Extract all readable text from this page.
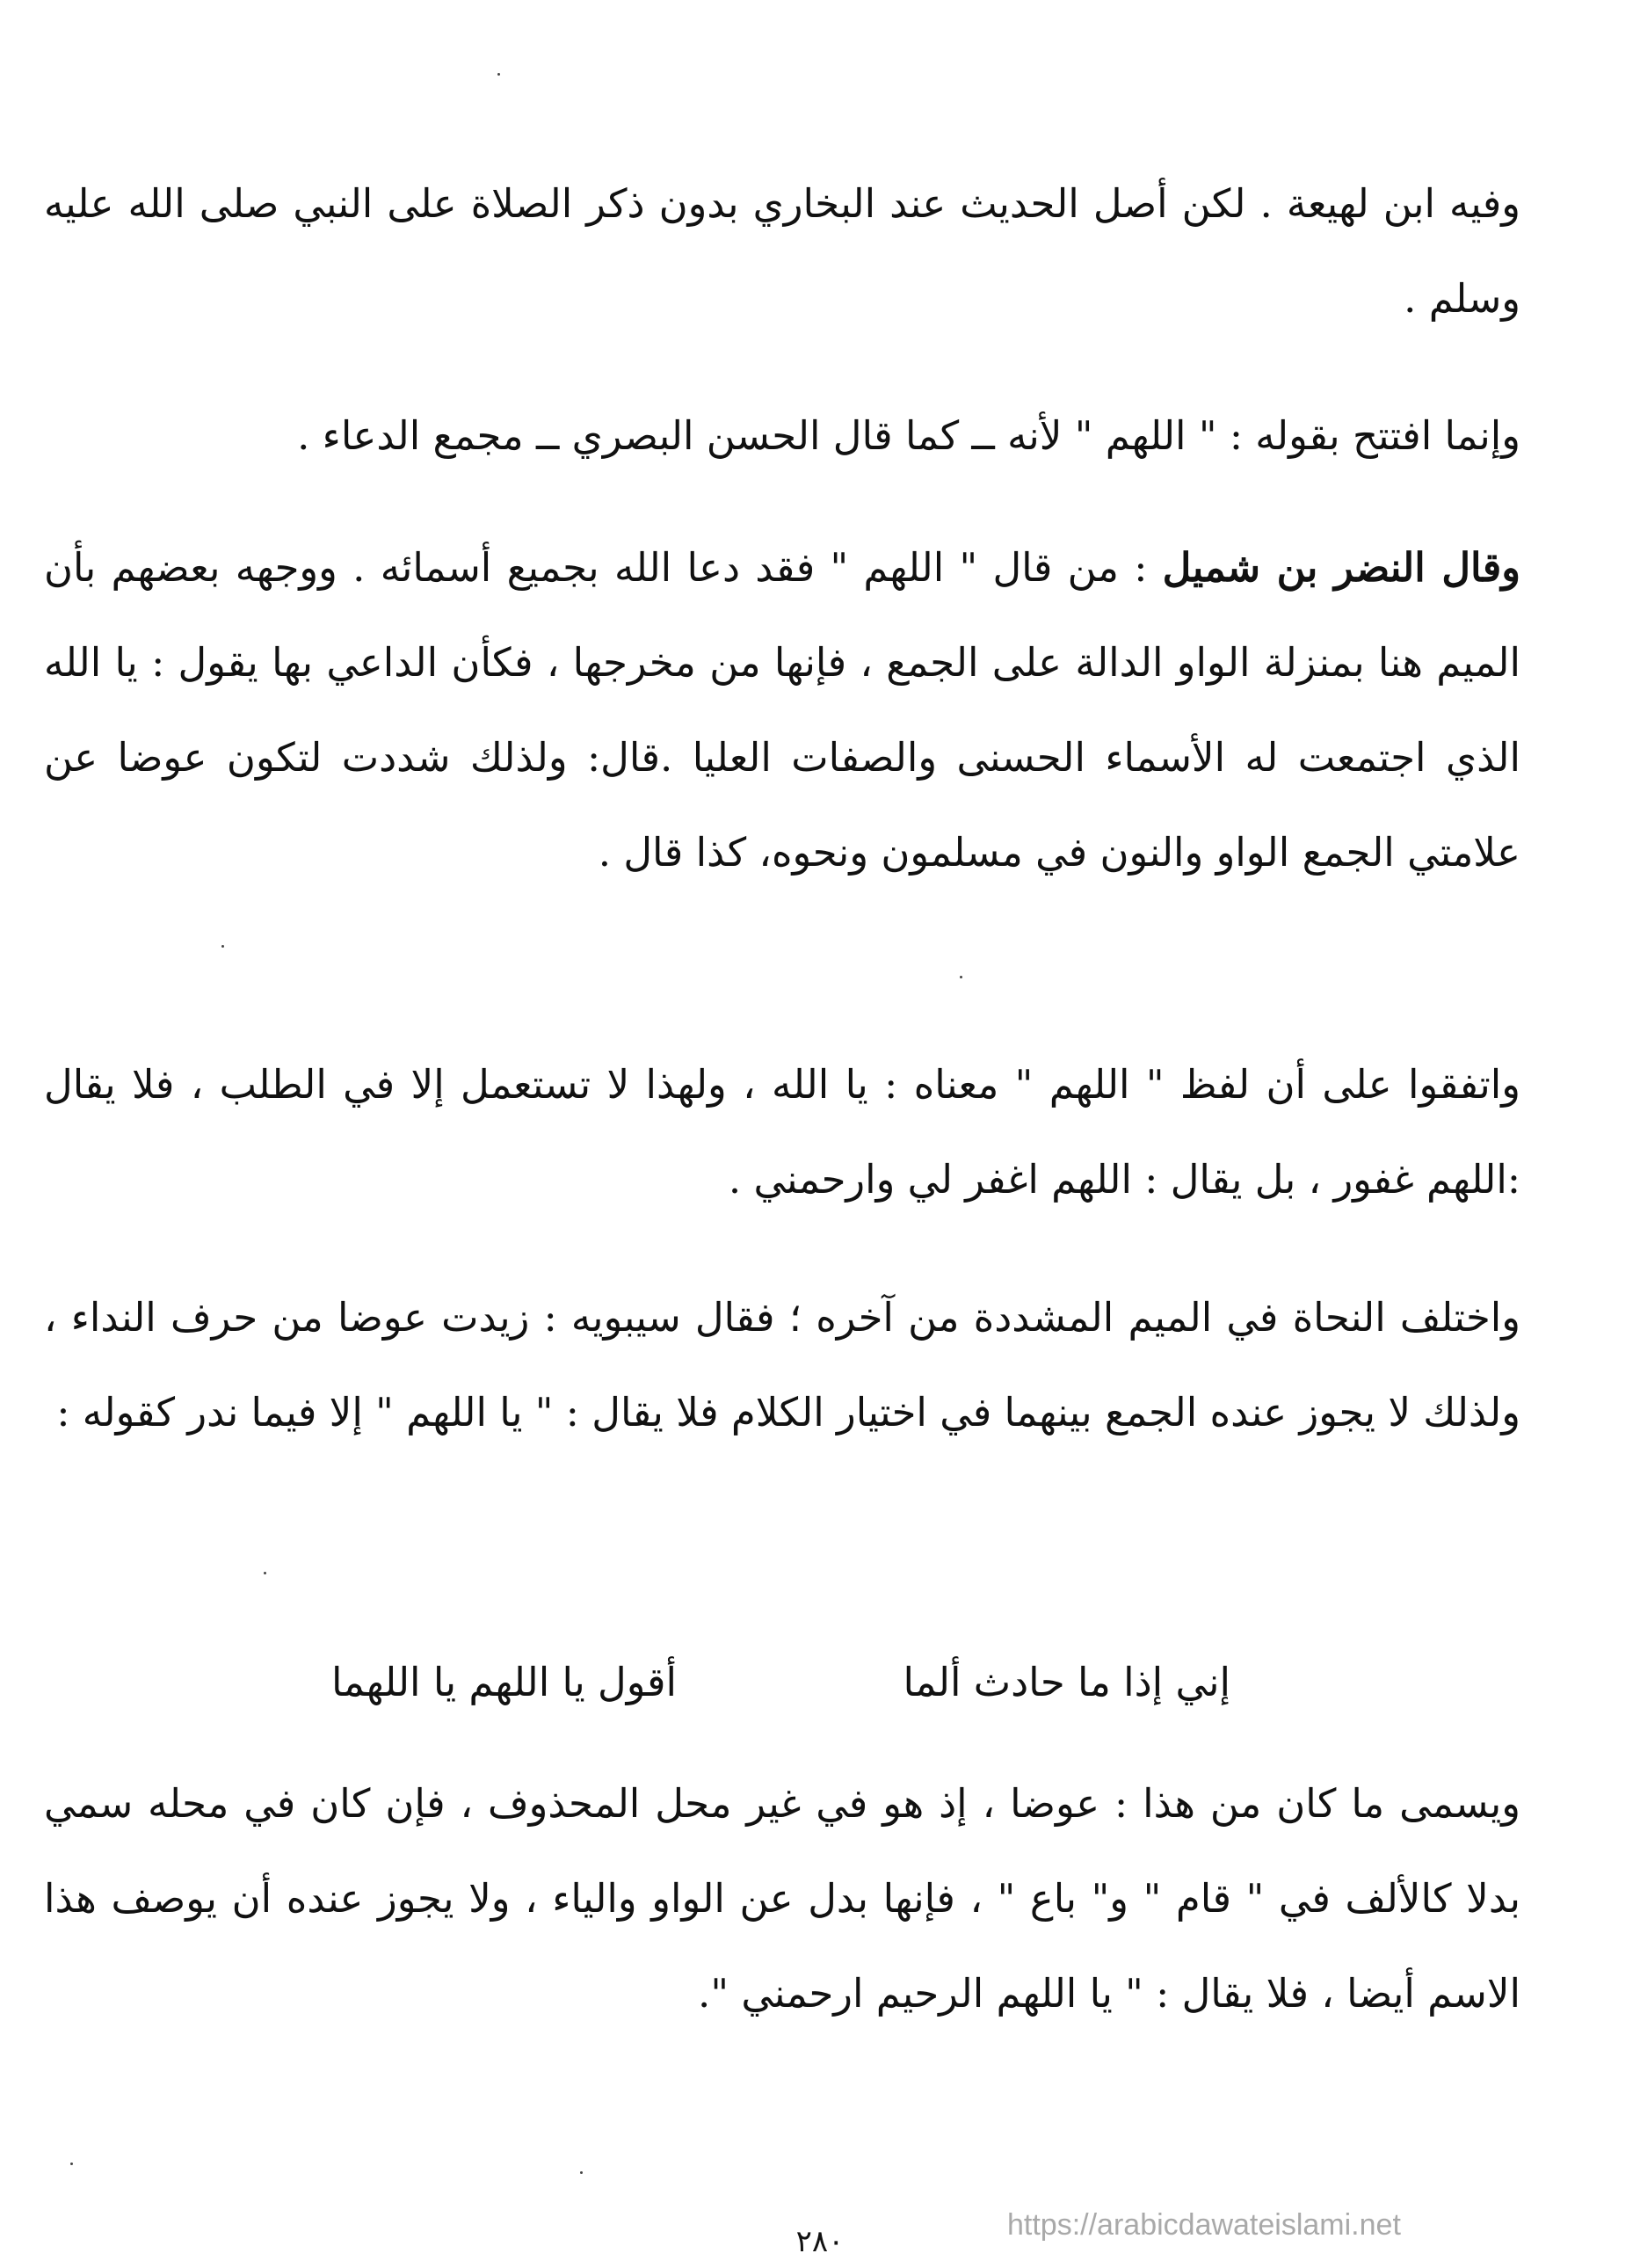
وفيه ابن لهيعة . لكن أصل الحديث عند البخاري بدون ذكر الصلاة على النبي صلى الله عليه وسلم .

وإنما افتتح بقوله : " اللهم " لأنه ــ كما قال الحسن البصري ــ مجمع الدعاء .

وقال النضر بن شميل : من قال " اللهم " فقد دعا الله بجميع أسمائه . ووجهه بعضهم بأن الميم هنا بمنزلة الواو الدالة على الجمع ، فإنها من مخرجها ، فكأن الداعي بها يقول : يا الله الذي اجتمعت له الأسماء الحسنى والصفات العليا .قال: ولذلك شددت لتكون عوضا عن علامتي الجمع الواو والنون في مسلمون ونحوه، كذا قال .

واتفقوا على أن لفظ " اللهم " معناه : يا الله ، ولهذا لا تستعمل إلا في الطلب ، فلا يقال :اللهم غفور ، بل يقال : اللهم اغفر لي وارحمني .

واختلف النحاة في الميم المشددة من آخره ؛ فقال سيبويه : زيدت عوضا من حرف النداء ، ولذلك لا يجوز عنده الجمع بينهما في اختيار الكلام فلا يقال : " يا اللهم " إلا فيما ندر كقوله :

إني إذا ما حادث ألما
أقول يا اللهم يا اللهما

ويسمى ما كان من هذا : عوضا ، إذ هو في غير محل المحذوف ، فإن كان في محله سمي بدلا كالألف في " قام " و" باع " ، فإنها بدل عن الواو والياء ، ولا يجوز عنده أن يوصف هذا الاسم أيضا ، فلا يقال : " يا اللهم الرحيم ارحمني ".

٢٨٠	https://arabicdawateislami.net
